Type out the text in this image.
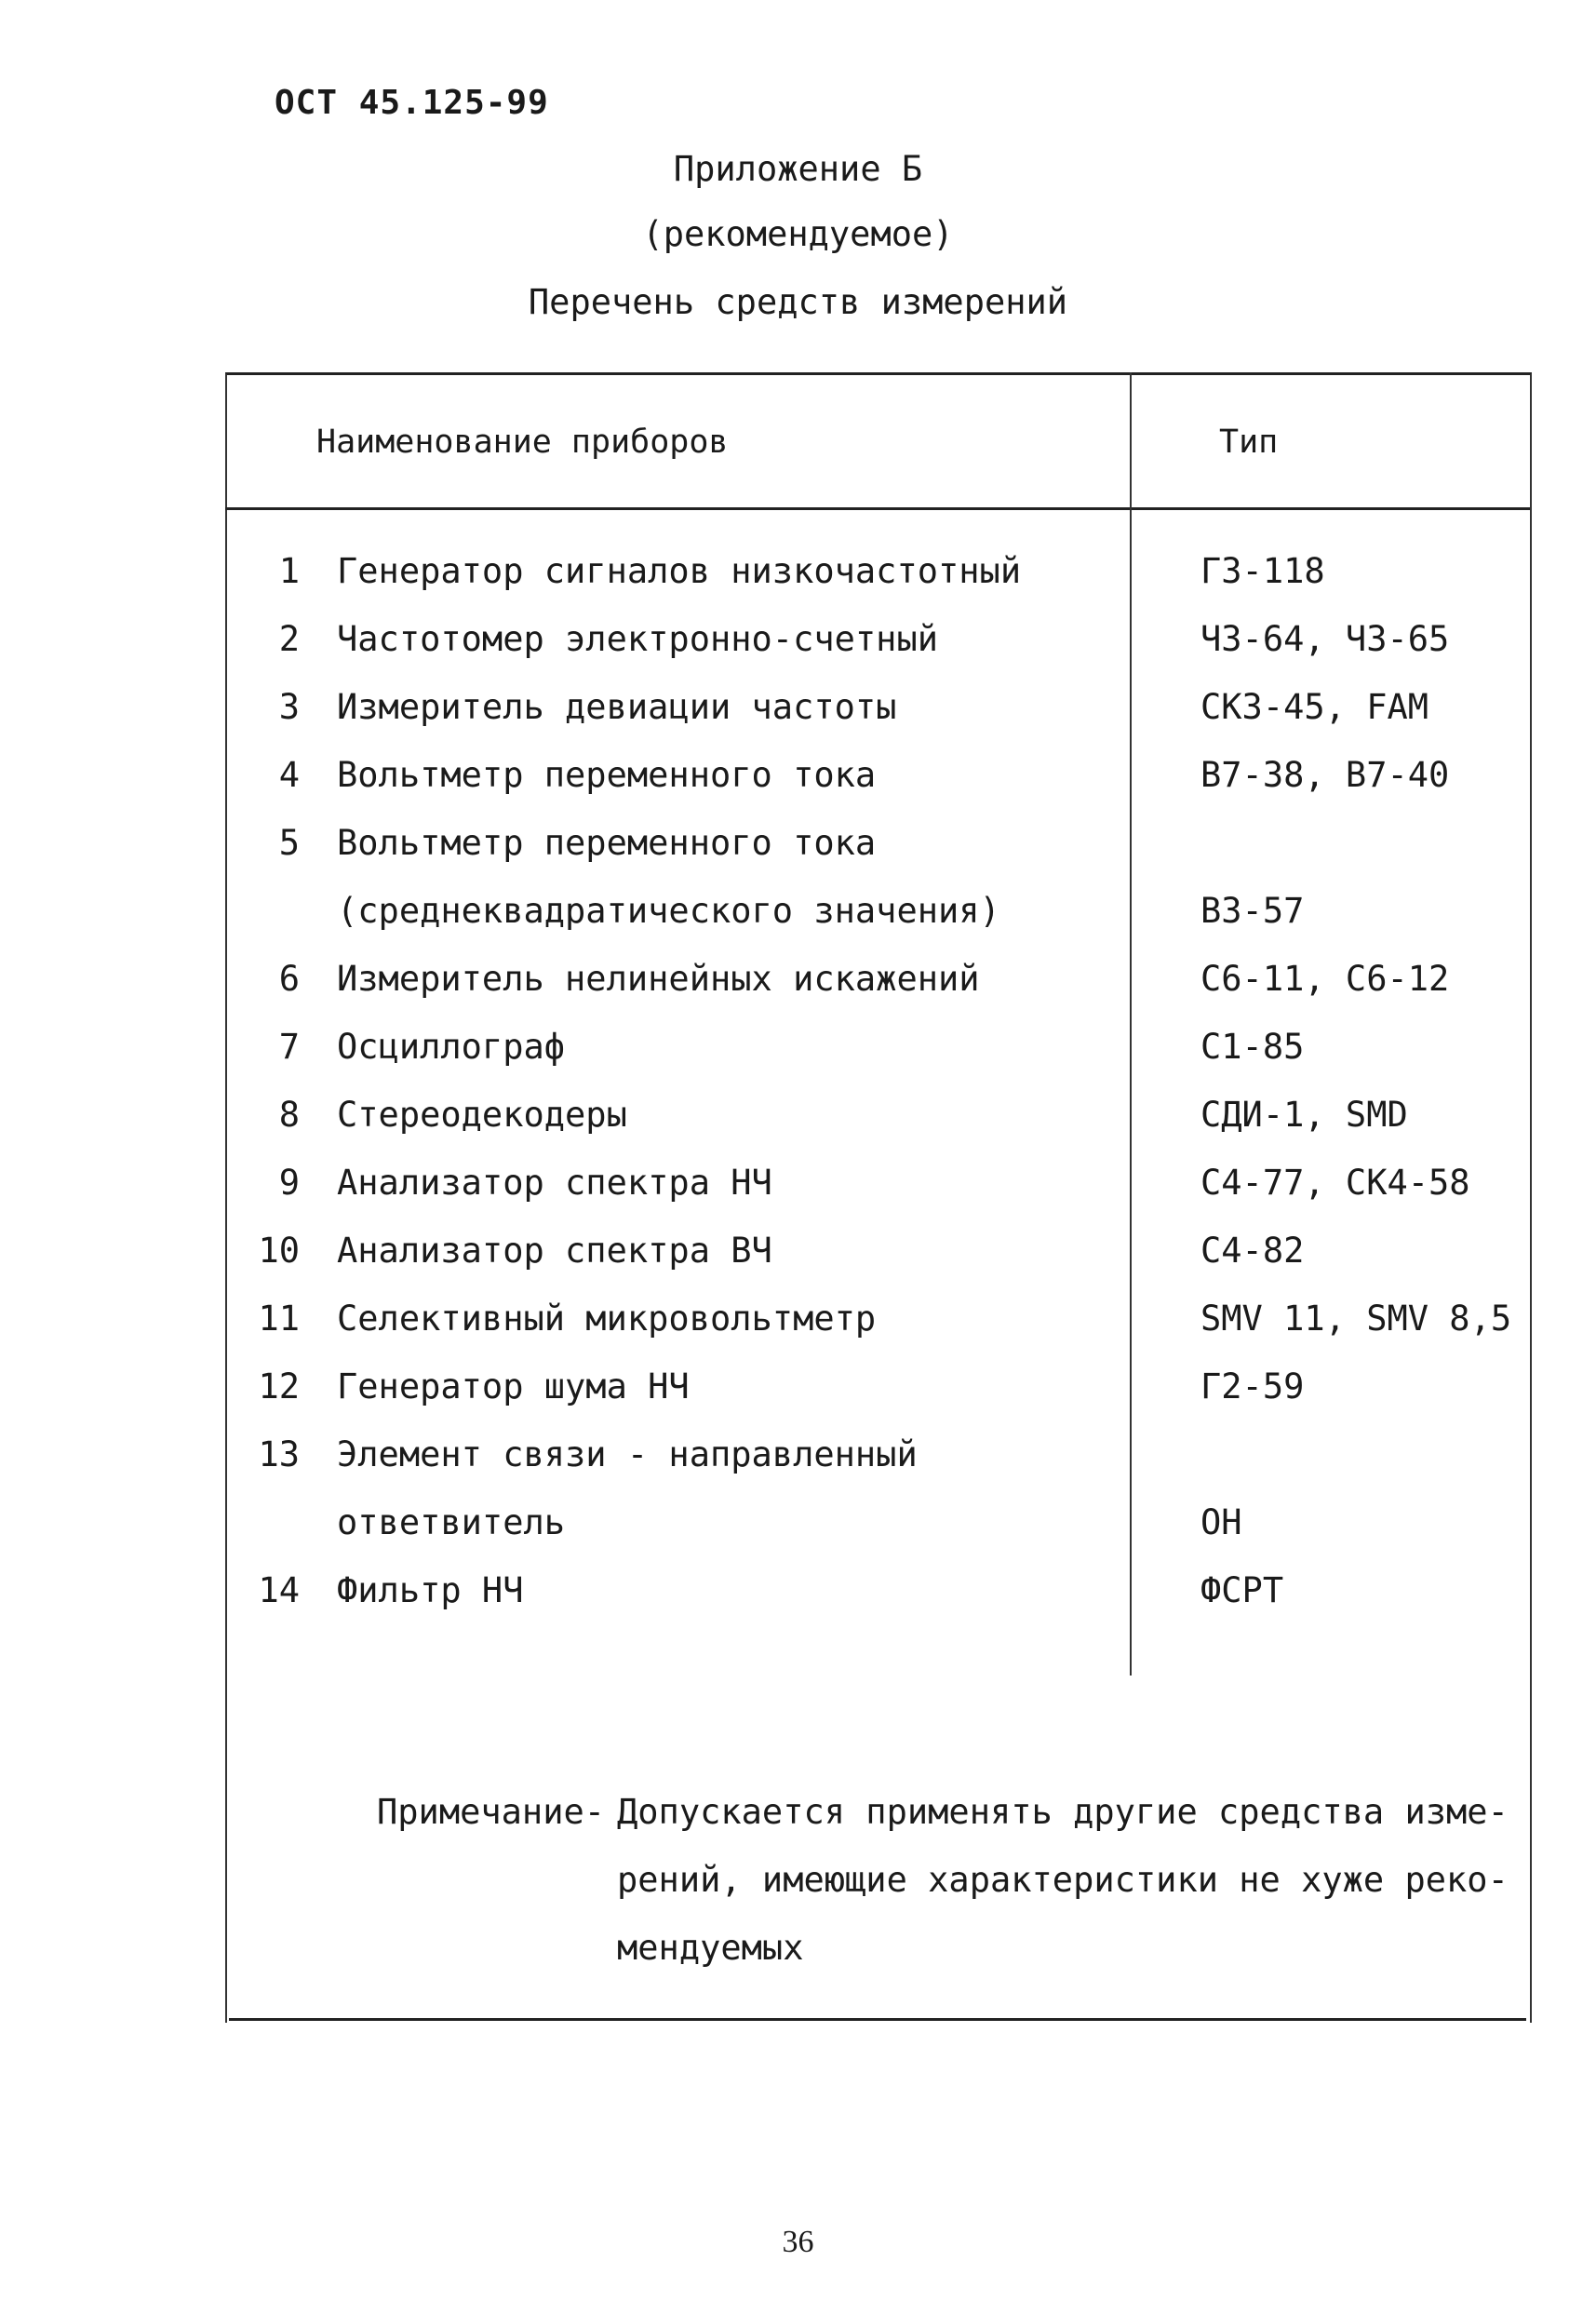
ОСТ 45.125-99
Приложение Б
(рекомендуемое)
Перечень средств измерений
Наименование приборов	Тип
1 Генератор сигналов низкочастотный	Г3-118
2 Частотомер электронно-счетный	Ч3-64, Ч3-65
3 Измеритель девиации частоты	СК3-45, FAM
4 Вольтметр переменного тока	В7-38, В7-40
5 Вольтметр переменного тока
(среднеквадратического значения)	В3-57
6 Измеритель нелинейных искажений	С6-11, С6-12
7 Осциллограф	С1-85
8 Стереодекодеры	СДИ-1, SMD
9 Анализатор спектра НЧ	С4-77, СК4-58
10 Анализатор спектра ВЧ	С4-82
11 Селективный микровольтметр	SMV 11, SMV 8,5
12 Генератор шума НЧ	Г2-59
13 Элемент связи - направленный
ответвитель	ОН
14 Фильтр НЧ	ФСРТ
Примечание- Допускается применять другие средства изме-
рений, имеющие характеристики не хуже реко-
мендуемых
36
